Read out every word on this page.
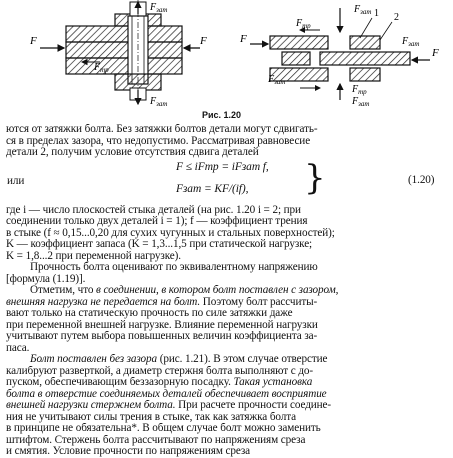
$F_{зат}$
F	F
$F_{тр}$
$F_{зат}$
$F_{зат}$ 1 2
F
$F_{тр}$
$F_{зат}$
$F_{тр}$
$F_{зат}$
F
$F_{зат}$
Рис. 1.20
ются от затяжки болта. Без затяжки болтов детали могут сдвигать-
ся в пределах зазора, что недопустимо. Рассматривая равновесие
детали 2, получим условие отсутствия сдвига деталей
или
F ≤ iFтр = iFзат f,
Fзат = KF/(if),	}	(1.20)
где i — число плоскостей стыка деталей (на рис. 1.20 i = 2; при
соединении только двух деталей i = 1); f — коэффициент трения
в стыке (f ≈ 0,15...0,20 для сухих чугунных и стальных поверхностей);
K — коэффициент запаса (K = 1,3...1,5 при статической нагрузке;
K = 1,8...2 при переменной нагрузке).
Прочность болта оценивают по эквивалентному напряжению
[формула (1.19)].
Отметим, что в соединении, в котором болт поставлен с зазором,
внешняя нагрузка не передается на болт. Поэтому болт рассчиты-
вают только на статическую прочность по силе затяжки даже
при переменной внешней нагрузке. Влияние переменной нагрузки
учитывают путем выбора повышенных величин коэффициента за-
паса.
Болт поставлен без зазора (рис. 1.21). В этом случае отверстие
калибруют разверткой, а диаметр стержня болта выполняют с до-
пуском, обеспечивающим беззазорную посадку. Такая установка
болта в отверстие соединяемых деталей обеспечивает восприятие
внешней нагрузки стержнем болта. При расчете прочности соедине-
ния не учитывают силы трения в стыке, так как затяжка болта
в принципе не обязательна*. В общем случае болт можно заменить
штифтом. Стержень болта рассчитывают по напряжениям среза
и смятия. Условие прочности по напряжениям среза
